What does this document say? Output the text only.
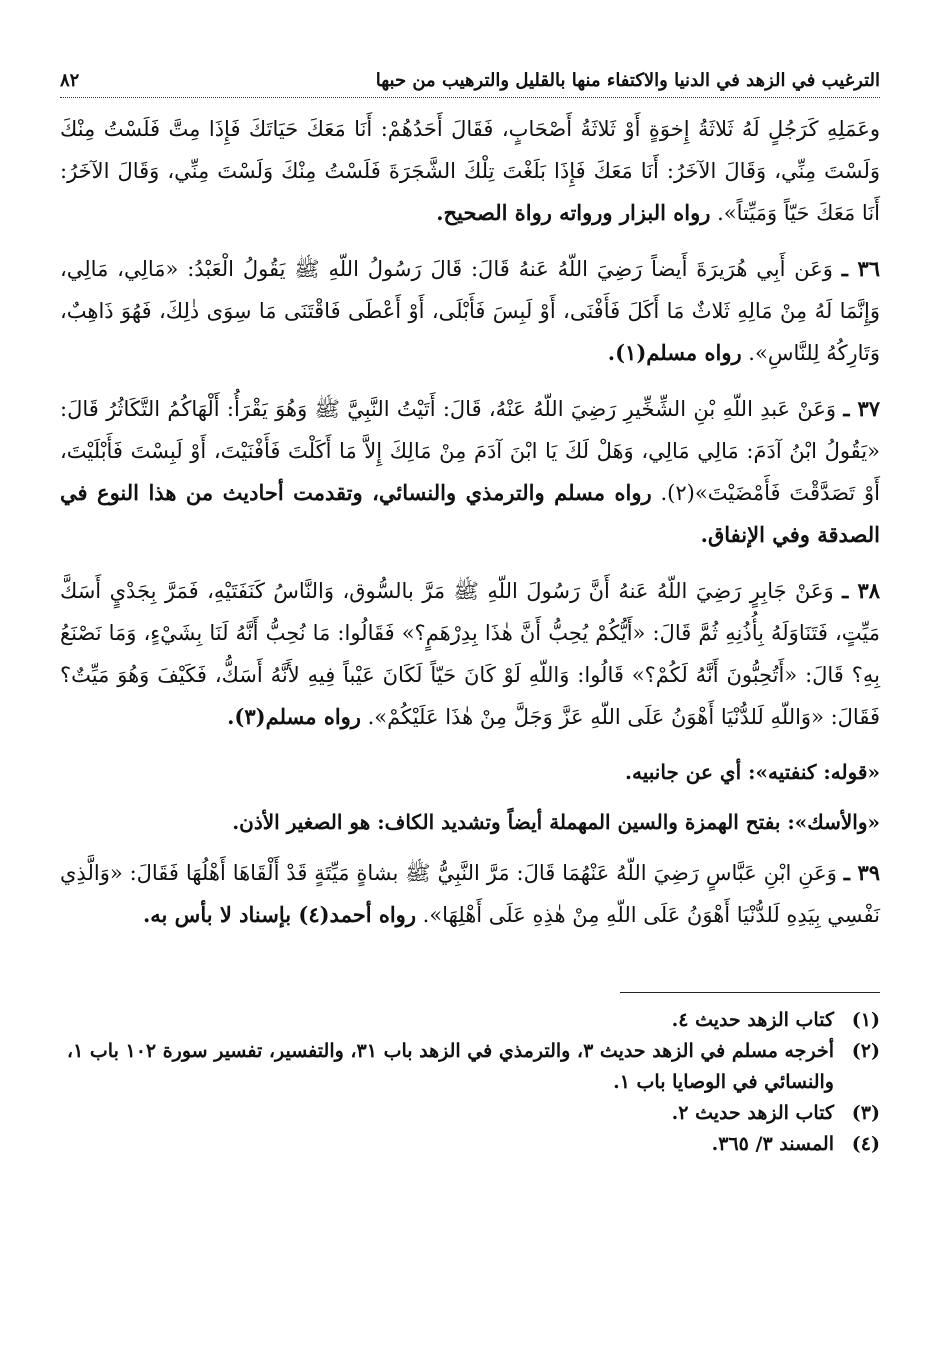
الترغيب في الزهد في الدنيا والاكتفاء منها بالقليل والترهيب من حبها
٨٢

وعَمَلِهِ كَرَجُلٍ لَهُ ثَلاثَةُ إِخوَةٍ أَوْ ثَلاثَةُ أَصْحَابٍ، فَقَالَ أَحَدُهُمْ: أَنَا مَعَكَ حَيَاتَكَ فَإِذَا مِتَّ فَلَسْتُ مِنْكَ وَلَسْتَ مِنِّي، وَقَالَ الآخَرُ: أَنَا مَعَكَ فَإِذَا بَلَغْتَ تِلْكَ الشَّجَرَةَ فَلَسْتُ مِنْكَ وَلَسْتَ مِنِّي، وَقَالَ الآخَرُ: أَنَا مَعَكَ حَيّاً وَمَيِّتاً». رواه البزار ورواته رواة الصحيح.

٣٦ ـ وَعَن أَبِي هُرَيرَةَ أَيضاً رَضِيَ اللّهُ عَنهُ قَالَ: قَالَ رَسُولُ اللّهِ ﷺ يَقُولُ الْعَبْدُ: «مَالِي، مَالِي، وَإِنَّمَا لَهُ مِنْ مَالِهِ ثَلاثٌ مَا أَكَلَ فَأَفْنَى، أَوْ لَبِسَ فَأَبْلَى، أَوْ أَعْطَى فَاقْتَنَى مَا سِوَى ذٰلِكَ، فَهُوَ ذَاهِبٌ، وَتَارِكُهُ لِلنَّاسِ». رواه مسلم(١).

٣٧ ـ وَعَنْ عَبدِ اللّهِ بْنِ الشِّخِّيرِ رَضِيَ اللّهُ عَنْهُ، قَالَ: أَتَيْتُ النَّبِيَّ ﷺ وَهُوَ يَقْرَأُ: أَلْهَاكُمُ التَّكَاثُرُ قَالَ: «يَقُولُ ابْنُ آدَمَ: مَالِي مَالِي، وَهَلْ لَكَ يَا ابْنَ آدَمَ مِنْ مَالِكَ إِلاَّ مَا أَكَلْتَ فَأَفْنَيْتَ، أَوْ لَبِسْتَ فَأَبْلَيْتَ، أَوْ تَصَدَّقْتَ فَأَمْضَيْتَ»(٢). رواه مسلم والترمذي والنسائي، وتقدمت أحاديث من هذا النوع في الصدقة وفي الإنفاق.

٣٨ ـ وَعَنْ جَابِرٍ رَضِيَ اللّهُ عَنهُ أَنَّ رَسُولَ اللّهِ ﷺ مَرَّ بالسُّوق، وَالنَّاسُ كَنَفَتَيْهِ، فَمَرَّ بِجَدْيٍ أَسَكَّ مَيِّتٍ، فَتَنَاوَلَهُ بِأُذُنِهِ ثُمَّ قَالَ: «أَيُّكُمْ يُحِبُّ أَنَّ هٰذَا بِدِرْهَمٍ؟» فَقَالُوا: مَا نُحِبُّ أَنَّهُ لَنَا بِشَيْءٍ، وَمَا نَصْنَعُ بِهِ؟ قَالَ: «أَتُحِبُّونَ أَنَّهُ لَكُمْ؟» قَالُوا: وَاللّهِ لَوْ كَانَ حَيّاً لَكَانَ عَيْباً فِيهِ لأَنَّهُ أَسَكُّ، فَكَيْفَ وَهُوَ مَيِّتٌ؟ فَقَالَ: «وَاللّهِ لَلدُّنْيَا أَهْوَنُ عَلَى اللّهِ عَزَّ وَجَلَّ مِنْ هٰذَا عَلَيْكُمْ». رواه مسلم(٣).

«قوله: كنفتيه»: أي عن جانبيه.
«والأسك»: بفتح الهمزة والسين المهملة أيضاً وتشديد الكاف: هو الصغير الأذن.

٣٩ ـ وَعَنِ ابْنِ عَبَّاسٍ رَضِيَ اللّهُ عَنْهُمَا قَالَ: مَرَّ النَّبِيُّ ﷺ بشاةٍ مَيِّتَةٍ قَدْ أَلْقَاهَا أَهْلُهَا فَقَالَ: «وَالَّذِي نَفْسِي بِيَدِهِ لَلدُّنْيَا أَهْوَنُ عَلَى اللّهِ مِنْ هٰذِهِ عَلَى أَهْلِهَا». رواه أحمد(٤) بإسناد لا بأس به.

(١)
كتاب الزهد حديث ٤.
(٢)
أخرجه مسلم في الزهد حديث ٣، والترمذي في الزهد باب ٣١، والتفسير، تفسير سورة ١٠٢ باب ١، والنسائي في الوصايا باب ١.
(٣)
كتاب الزهد حديث ٢.
(٤)
المسند ٣/ ٣٦٥.
